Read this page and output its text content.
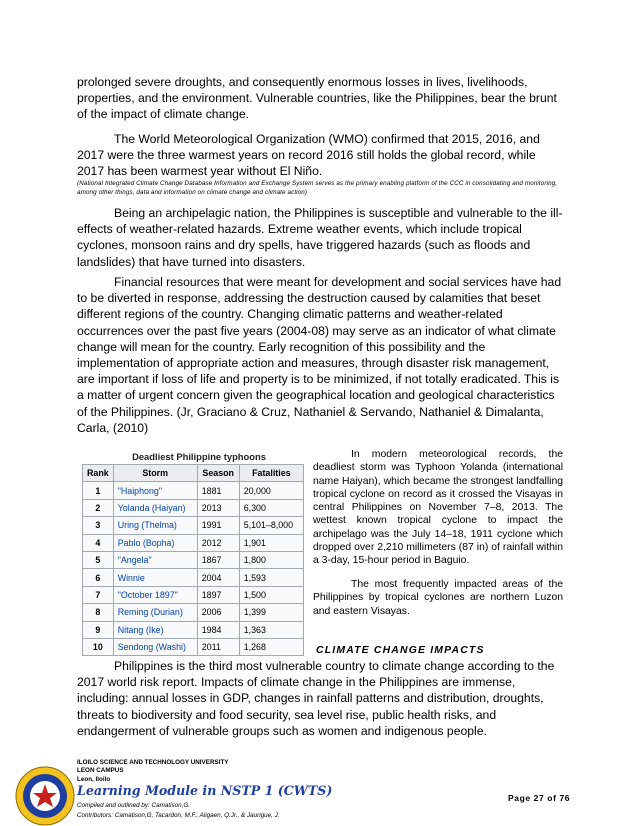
prolonged severe droughts, and consequently enormous losses in lives, livelihoods, properties, and the environment. Vulnerable countries, like the Philippines, bear the brunt of the impact of climate change.

The World Meteorological Organization (WMO) confirmed that 2015, 2016, and 2017 were the three warmest years on record 2016 still holds the global record, while 2017 has been warmest year without El Niño.

(National Integrated Climate Change Database Information and Exchange System serves as the primary enabling platform of the CCC in consolidating and monitoring, among other things, data and information on climate change and climate action)

Being an archipelagic nation, the Philippines is susceptible and vulnerable to the ill-effects of weather-related hazards. Extreme weather events, which include tropical cyclones, monsoon rains and dry spells, have triggered hazards (such as floods and landslides) that have turned into disasters.

Financial resources that were meant for development and social services have had to be diverted in response, addressing the destruction caused by calamities that beset different regions of the country. Changing climatic patterns and weather-related occurrences over the past five years (2004-08) may serve as an indicator of what climate change will mean for the country. Early recognition of this possibility and the implementation of appropriate action and measures, through disaster risk management, are important if loss of life and property is to be minimized, if not totally eradicated. This is a matter of urgent concern given the geographical location and geological characteristics of the Philippines. (Jr, Graciano & Cruz, Nathaniel & Servando, Nathaniel & Dimalanta, Carla, (2010)

Deadliest Philippine typhoons
Rank	Storm	Season	Fatalities
1	"Haiphong"	1881	20,000
2	Yolanda (Haiyan)	2013	6,300
3	Uring (Thelma)	1991	5,101–8,000
4	Pablo (Bopha)	2012	1,901
5	"Angela"	1867	1,800
6	Winnie	2004	1,593
7	"October 1897"	1897	1,500
8	Reming (Durian)	2006	1,399
9	Nitang (Ike)	1984	1,363
10	Sendong (Washi)	2011	1,268

In modern meteorological records, the deadliest storm was Typhoon Yolanda (international name Haiyan), which became the strongest landfalling tropical cyclone on record as it crossed the Visayas in central Philippines on November 7–8, 2013. The wettest known tropical cyclone to impact the archipelago was the July 14–18, 1911 cyclone which dropped over 2,210 millimeters (87 in) of rainfall within a 3-day, 15-hour period in Baguio.

The most frequently impacted areas of the Philippines by tropical cyclones are northern Luzon and eastern Visayas.

CLIMATE CHANGE IMPACTS

Philippines is the third most vulnerable country to climate change according to the 2017 world risk report. Impacts of climate change in the Philippines are immense, including: annual losses in GDP, changes in rainfall patterns and distribution, droughts, threats to biodiversity and food security, sea level rise, public health risks, and endangerment of vulnerable groups such as women and indigenous people.

ILOILO SCIENCE AND TECHNOLOGY UNIVERSITY
LEON CAMPUS
Leon, Iloilo
Learning Module in NSTP 1 (CWTS)
Compiled and outlined by: Camatison,G.
Contributors: Camatison,G, Tacardon, M.F., Aligaen, Q.Jr., & Jaurigue, J.
Page 27 of 76
